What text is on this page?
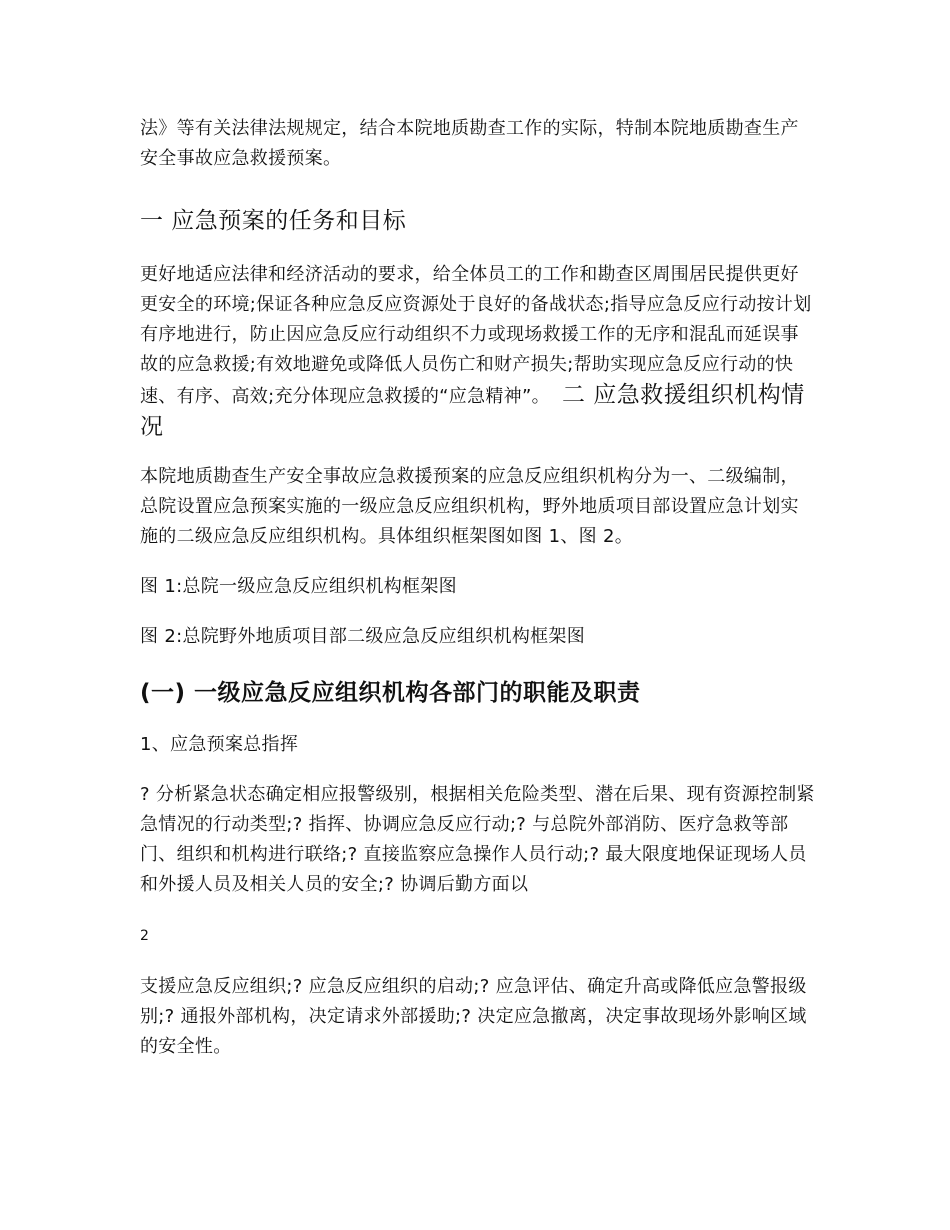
法》等有关法律法规规定，结合本院地质勘查工作的实际，特制本院地质勘查生产安全事故应急救援预案。

一 应急预案的任务和目标

更好地适应法律和经济活动的要求，给全体员工的工作和勘查区周围居民提供更好更安全的环境;保证各种应急反应资源处于良好的备战状态;指导应急反应行动按计划有序地进行，防止因应急反应行动组织不力或现场救援工作的无序和混乱而延误事故的应急救援;有效地避免或降低人员伤亡和财产损失;帮助实现应急反应行动的快速、有序、高效;充分体现应急救援的“应急精神”。 二 应急救援组织机构情况

本院地质勘查生产安全事故应急救援预案的应急反应组织机构分为一、二级编制，总院设置应急预案实施的一级应急反应组织机构，野外地质项目部设置应急计划实施的二级应急反应组织机构。具体组织框架图如图 1、图 2。

图 1:总院一级应急反应组织机构框架图

图 2:总院野外地质项目部二级应急反应组织机构框架图

(一) 一级应急反应组织机构各部门的职能及职责

1、应急预案总指挥

? 分析紧急状态确定相应报警级别，根据相关危险类型、潜在后果、现有资源控制紧急情况的行动类型;? 指挥、协调应急反应行动;? 与总院外部消防、医疗急救等部门、组织和机构进行联络;? 直接监察应急操作人员行动;? 最大限度地保证现场人员和外援人员及相关人员的安全;? 协调后勤方面以

2

支援应急反应组织;? 应急反应组织的启动;? 应急评估、确定升高或降低应急警报级别;? 通报外部机构，决定请求外部援助;? 决定应急撤离，决定事故现场外影响区域的安全性。
